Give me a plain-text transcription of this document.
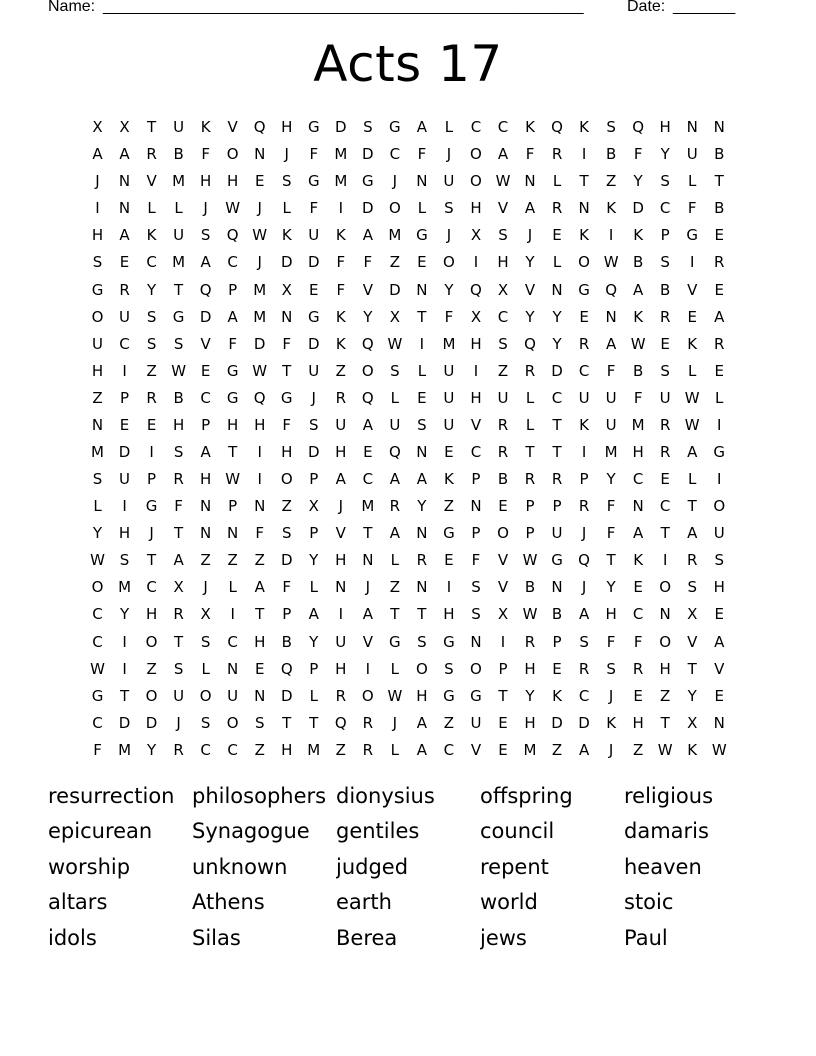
Name: ______________________________________________________	Date: _______
Acts 17
X	X	T	U	K	V	Q	H	G	D	S	G	A	L	C	C	K	Q	K	S	Q	H	N	N
A	A	R	B	F	O	N	J	F	M D	C	F	J	O	A	F	R	I	B	F	Y	U	B
J	N	V	M H	H	E	S	G M G	J	N	U	O W N	L	T	Z	Y	S	L	T
I	N	L	L	J	W	J	L	F	I	D	O	L	S	H	V	A	R	N	K	D	C	F	B
H	A	K	U	S	Q W K	U	K	A	M G	J	X	S	J	E	K	I	K	P	G	E
S	E	C	M	A	C	J	D	D	F	F	Z	E	O	I	H	Y	L	O W B	S	I	R
G	R	Y	T	Q	P	M	X	E	F	V	D	N	Y	Q	X	V	N	G	Q	A	B	V	E
O	U	S	G	D	A	M N	G	K	Y	X	T	F	X	C	Y	Y	E	N	K	R	E	A
U	C	S	S	V	F	D	F	D	K	Q W	I	M H	S	Q	Y	R	A W E	K	R
H	I	Z W E	G W	T	U	Z	O	S	L	U	I	Z	R	D	C	F	B	S	L	E
Z	P	R	B	C	G	Q	G	J	R	Q	L	E	U	H	U	L	C	U	U	F	U W	L
N	E	E	H	P	H	H	F	S	U	A	U	S	U	V	R	L	T	K	U	M	R W	I
M D	I	S	A	T	I	H	D	H	E	Q	N	E	C	R	T	T	I	M H	R	A	G
S	U	P	R	H W	I	O	P	A	C	A	A	K	P	B	R	R	P	Y	C	E	L	I
L	I	G	F	N	P	N	Z	X	J	M	R	Y	Z	N	E	P	P	R	F	N	C	T	O
Y	H	J	T	N	N	F	S	P	V	T	A	N	G	P	O	P	U	J	F	A	T	A	U
W S	T	A	Z	Z	Z	D	Y	H	N	L	R	E	F	V W G	Q	T	K	I	R	S
O M	C	X	J	L	A	F	L	N	J	Z	N	I	S	V	B	N	J	Y	E	O	S	H
C	Y	H	R	X	I	T	P	A	I	A	T	T	H	S	X W B	A	H	C	N	X	E
C	I	O	T	S	C	H	B	Y	U	V	G	S	G	N	I	R	P	S	F	F	O	V	A
W	I	Z	S	L	N	E	Q	P	H	I	L	O	S	O	P	H	E	R	S	R	H	T	V
G	T	O	U	O	U	N	D	L	R	O W H	G	G	T	Y	K	C	J	E	Z	Y	E
C	D	D	J	S	O	S	T	T	Q	R	J	A	Z	U	E	H	D	D	K	H	T	X	N
F	M	Y	R	C	C	Z	H M	Z	R	L	A	C	V	E	M	Z	A	J	Z W K W
resurrection philosophers dionysius	offspring	religious
epicurean	Synagogue	gentiles	council	damaris
worship	unknown	judged	repent	heaven
altars	Athens	earth	world	stoic
idols	Silas	Berea	jews	Paul
